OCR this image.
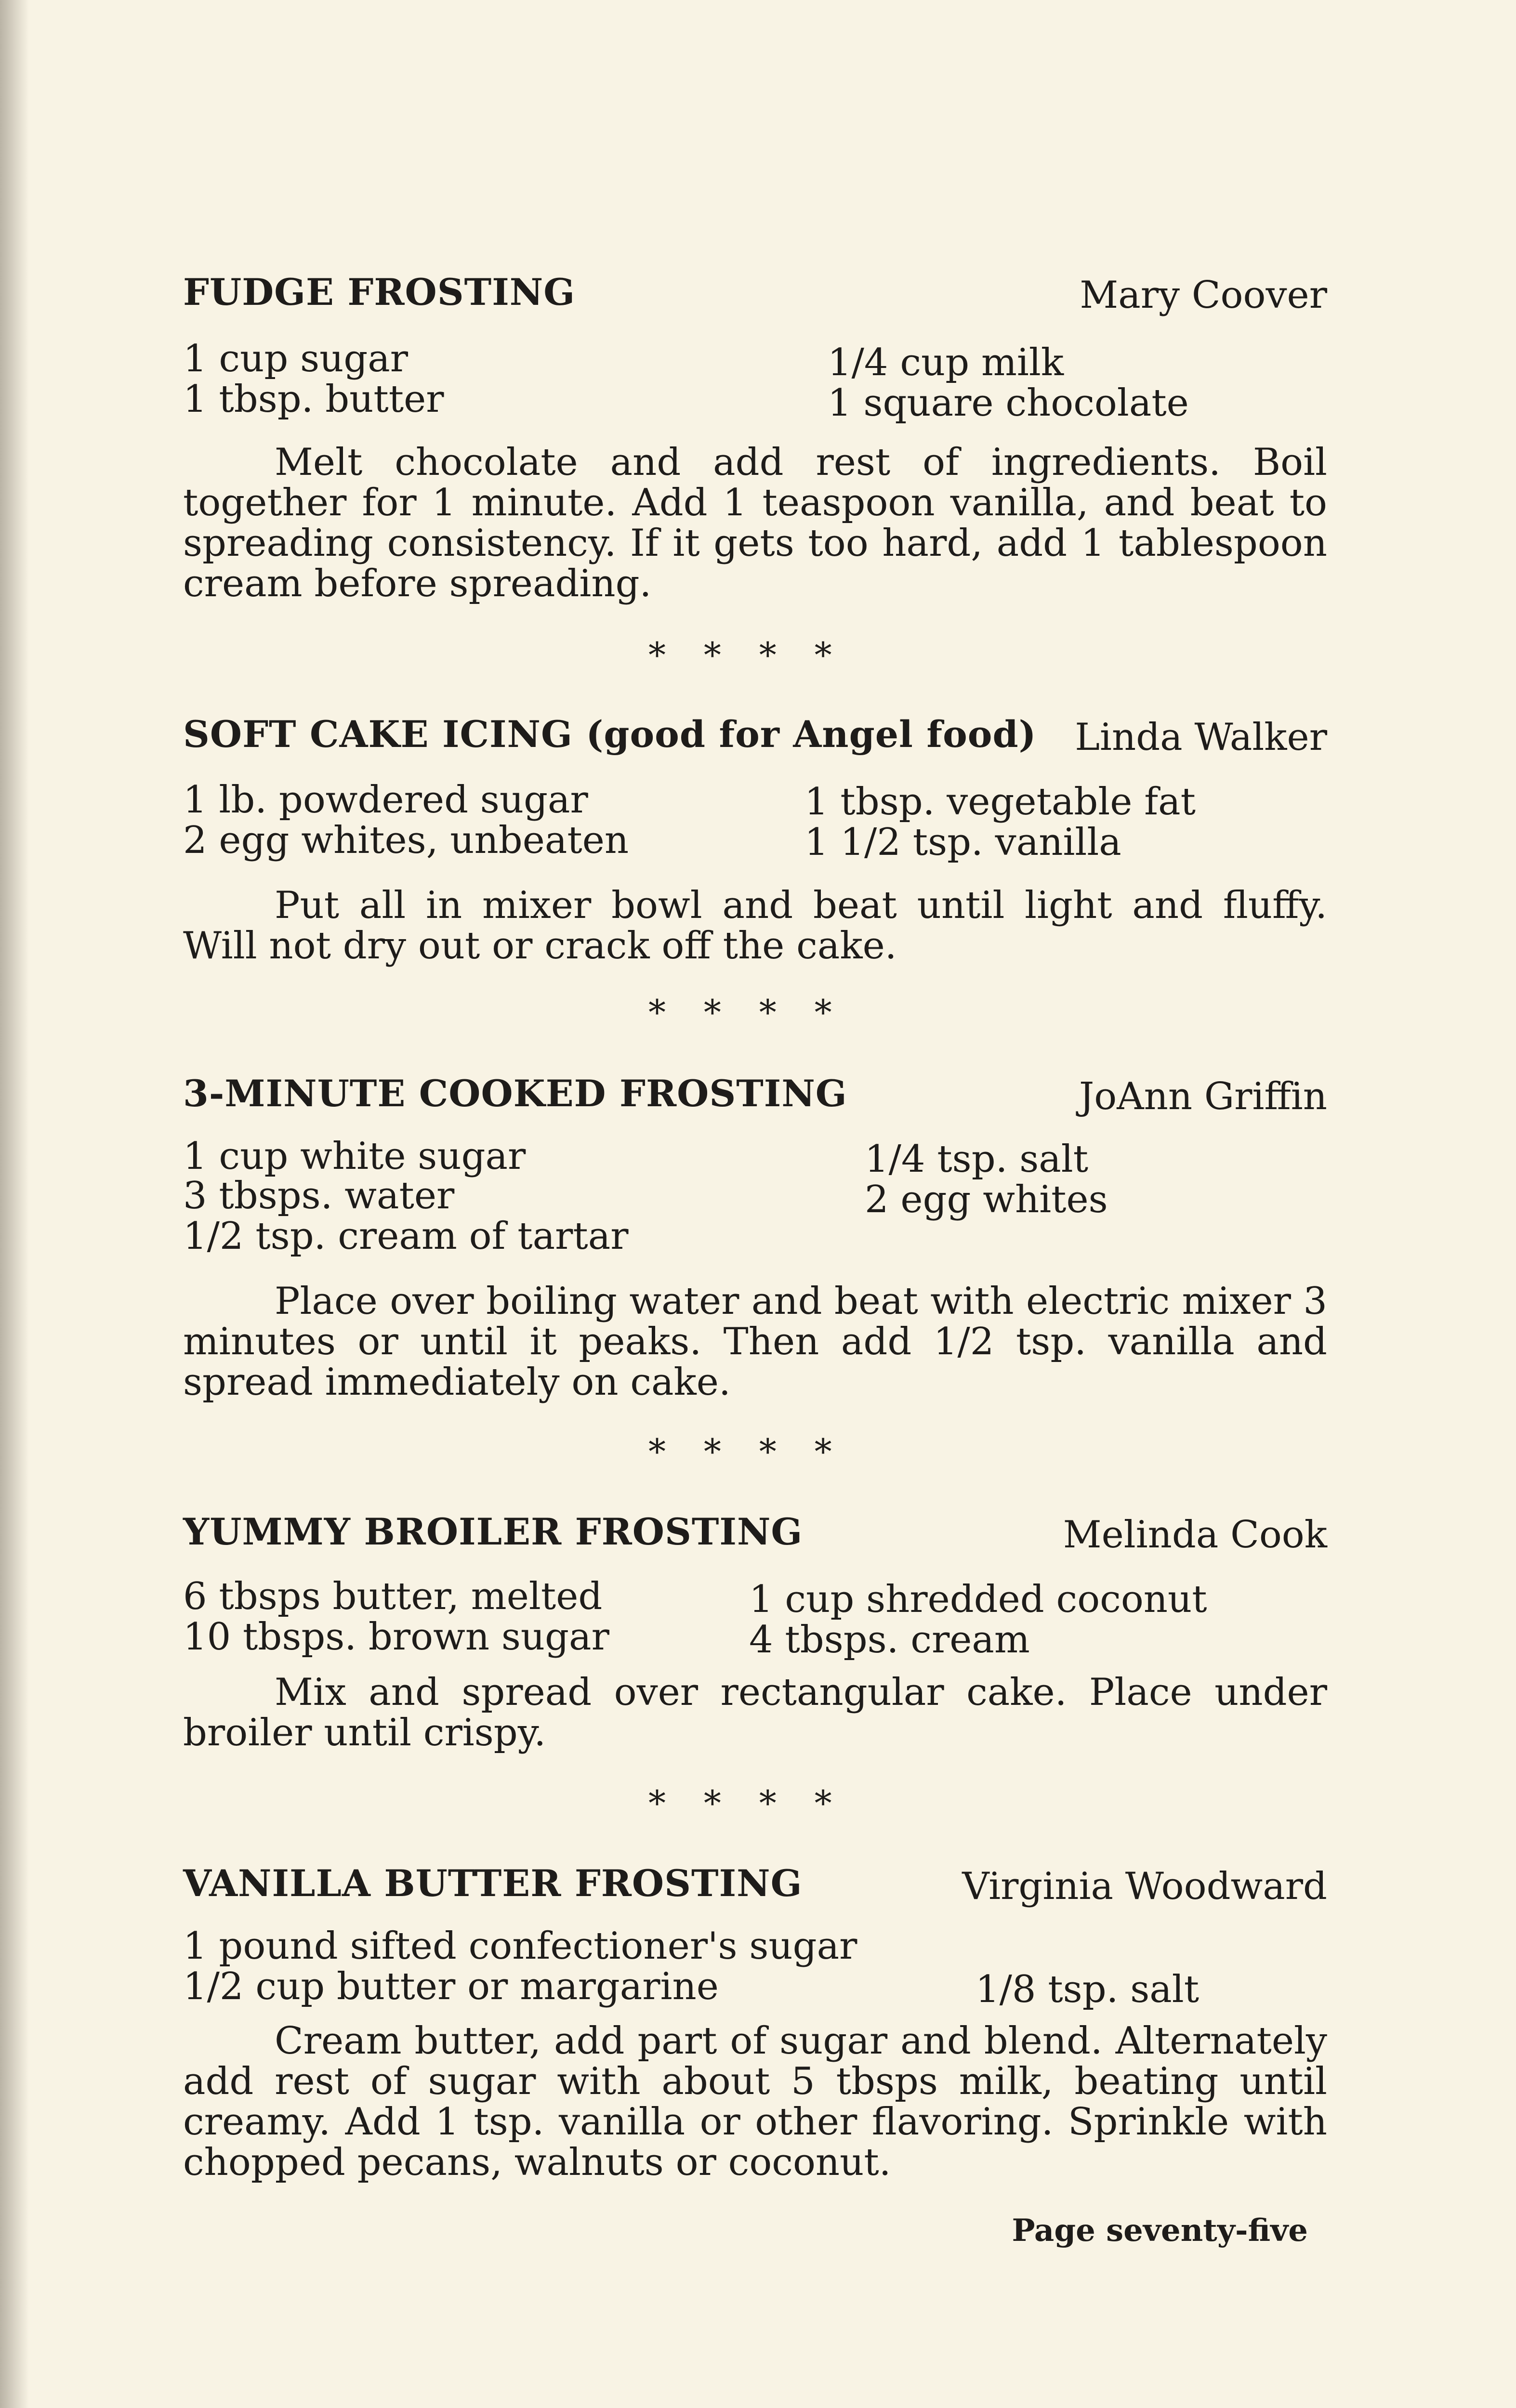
FUDGE FROSTING	Mary Coover
1 cup sugar
1 tbsp. butter
1/4 cup milk
1 square chocolate

Melt chocolate and add rest of ingredients. Boil together for 1 minute. Add 1 teaspoon vanilla, and beat to spreading consistency. If it gets too hard, add 1 tablespoon cream before spreading.

* * * *
SOFT CAKE ICING (good for Angel food) Linda Walker
1 lb. powdered sugar
2 egg whites, unbeaten
1 tbsp. vegetable fat
1 1/2 tsp. vanilla

Put all in mixer bowl and beat until light and fluffy. Will not dry out or crack off the cake.

* * * *
3-MINUTE COOKED FROSTING	JoAnn Griffin
1 cup white sugar
3 tbsps. water
1/2 tsp. cream of tartar
1/4 tsp. salt
2 egg whites

Place over boiling water and beat with electric mixer 3 minutes or until it peaks. Then add 1/2 tsp. vanilla and spread immediately on cake.

* * * *
YUMMY BROILER FROSTING	Melinda Cook
6 tbsps butter, melted
10 tbsps. brown sugar
1 cup shredded coconut
4 tbsps. cream

Mix and spread over rectangular cake. Place under broiler until crispy.

* * * *
VANILLA BUTTER FROSTING	Virginia Woodward
1 pound sifted confectioner's sugar
1/2 cup butter or margarine	1/8 tsp. salt

Cream butter, add part of sugar and blend. Alternately add rest of sugar with about 5 tbsps milk, beating until creamy. Add 1 tsp. vanilla or other flavoring. Sprinkle with chopped pecans, walnuts or coconut.

Page seventy-five
